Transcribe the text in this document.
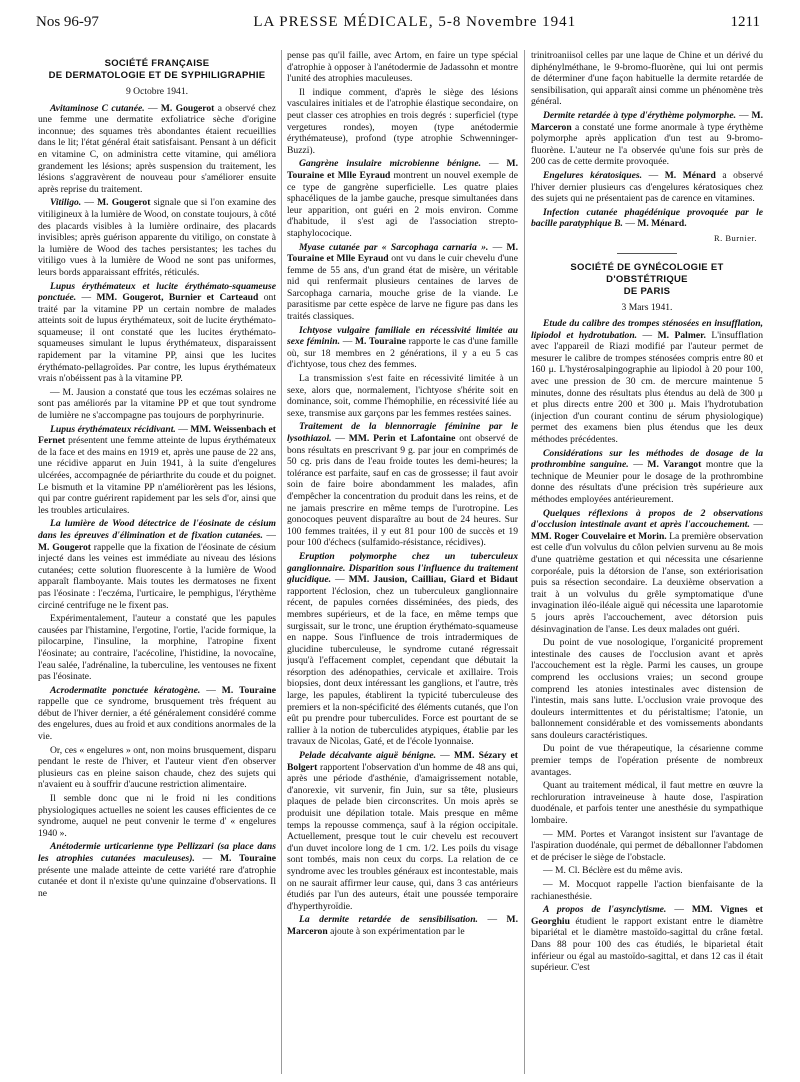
Nos 96-97	LA PRESSE MÉDICALE, 5-8 Novembre 1941	1211
SOCIÉTÉ FRANÇAISE
DE DERMATOLOGIE ET DE SYPHILIGRAPHIE
9 Octobre 1941.

Avitaminose C cutanée. — M. Gougerot a observé chez une femme une dermatite exfoliatrice sèche d'origine inconnue; des squames très abondantes étaient recueillies dans le lit; l'état général était satisfaisant. Pensant à un déficit en vitamine C, on administra cette vitamine, qui améliora grandement les lésions; après suspension du traitement, les lésions s'aggravèrent de nouveau pour s'améliorer ensuite après reprise du traitement.

Vitiligo. — M. Gougerot signale que si l'on examine des vitiligineux à la lumière de Wood, on constate toujours, à côté des placards visibles à la lumière ordinaire, des placards invisibles; après guérison apparente du vitiligo, on constate à la lumière de Wood des taches persistantes; les taches du vitiligo vues à la lumière de Wood ne sont pas uniformes, leurs bords apparaissant effrités, réticulés.

Lupus érythémateux et lucite érythémato-squameuse ponctuée. — MM. Gougerot, Burnier et Carteaud ont traité par la vitamine PP un certain nombre de malades atteints soit de lupus érythémateux, soit de lucite érythémato-squameuse; il ont constaté que les lucites érythémato-squameuses simulant le lupus érythémateux, disparaissent rapidement par la vitamine PP, ainsi que les lucites érythémato-pellagroïdes. Par contre, les lupus érythémateux vrais n'obéissent pas à la vitamine PP.

— M. Jausion a constaté que tous les eczémas solaires ne sont pas améliorés par la vitamine PP et que tout syndrome de lumière ne s'accompagne pas toujours de porphyrinurie.

Lupus érythémateux récidivant. — MM. Weissenbach et Fernet présentent une femme atteinte de lupus érythémateux de la face et des mains en 1919 et, après une pause de 22 ans, une récidive apparut en Juin 1941, à la suite d'engelures ulcérées, accompagnée de périarthrite du coude et du poignet. Le bismuth et la vitamine PP n'améliorèrent pas les lésions, qui par contre guérirent rapidement par les sels d'or, ainsi que les troubles articulaires.

La lumière de Wood détectrice de l'éosinate de césium dans les épreuves d'élimination et de fixation cutanées. — M. Gougerot rappelle que la fixation de l'éosinate de césium injecté dans les veines est immédiate au niveau des lésions cutanées; cette solution fluorescente à la lumière de Wood apparaît flamboyante. Mais toutes les dermatoses ne fixent pas l'éosinate : l'eczéma, l'urticaire, le pemphigus, l'érythème circiné centrifuge ne le fixent pas.

Expérimentalement, l'auteur a constaté que les papules causées par l'histamine, l'ergotine, l'ortie, l'acide formique, la pilocarpine, l'insuline, la morphine, l'atropine fixent l'éosinate; au contraire, l'acécoline, l'histidine, la novocaïne, l'eau salée, l'adrénaline, la tuberculine, les ventouses ne fixent pas l'éosinate.

Acrodermatite ponctuée kératogène. — M. Touraine rappelle que ce syndrome, brusquement très fréquent au début de l'hiver dernier, a été généralement considéré comme des engelures, dues au froid et aux conditions anormales de la vie.

Or, ces « engelures » ont, non moins brusquement, disparu pendant le reste de l'hiver, et l'auteur vient d'en observer plusieurs cas en pleine saison chaude, chez des sujets qui n'avaient eu à souffrir d'aucune restriction alimentaire.

Il semble donc que ni le froid ni les conditions physiologiques actuelles ne soient les causes efficientes de ce syndrome, auquel ne peut convenir le terme d' « engelures 1940 ».

Anétodermie urticarienne type Pellizzari (sa place dans les atrophies cutanées maculeuses). — M. Touraine présente une malade atteinte de cette variété rare d'atrophie cutanée et dont il n'existe qu'une quinzaine d'observations. Il ne

pense pas qu'il faille, avec Artom, en faire un type spécial d'atrophie à opposer à l'anétodermie de Jadassohn et montre l'unité des atrophies maculeuses.

Il indique comment, d'après le siège des lésions vasculaires initiales et de l'atrophie élastique secondaire, on peut classer ces atrophies en trois degrés : superficiel (type vergetures rondes), moyen (type anétodermie érythémateuse), profond (type atrophie Schwenninger-Buzzi).

Gangrène insulaire microbienne bénigne. — M. Touraine et Mlle Eyraud montrent un nouvel exemple de ce type de gangrène superficielle. Les quatre plaies sphacéliques de la jambe gauche, presque simultanées dans leur apparition, ont guéri en 2 mois environ. Comme d'habitude, il s'est agi de l'association strepto-staphylococique.

Myase cutanée par « Sarcophaga carnaria ». — M. Touraine et Mlle Eyraud ont vu dans le cuir chevelu d'une femme de 55 ans, d'un grand état de misère, un véritable nid qui renfermait plusieurs centaines de larves de Sarcophaga carnaria, mouche grise de la viande. Le parasitisme par cette espèce de larve ne figure pas dans les traités classiques.

Ichtyose vulgaire familiale en récessivité limitée au sexe féminin. — M. Touraine rapporte le cas d'une famille où, sur 18 membres en 2 générations, il y a eu 5 cas d'ichtyose, tous chez des femmes.

La transmission s'est faite en récessivité limitée à un sexe, alors que, normalement, l'ichtyose s'hérite soit en dominance, soit, comme l'hémophilie, en récessivité liée au sexe, transmise aux garçons par les femmes restées saines.

Traitement de la blennorragie féminine par le lysothiazol. — MM. Perin et Lafontaine ont observé de bons résultats en prescrivant 9 g. par jour en comprimés de 50 cg. pris dans de l'eau froide toutes les demi-heures; la tolérance est parfaite, sauf en cas de grossesse; il faut avoir soin de faire boire abondamment les malades, afin d'empêcher la concentration du produit dans les reins, et de ne jamais prescrire en même temps de l'urotropine. Les gonocoques peuvent disparaître au bout de 24 heures. Sur 100 femmes traitées, il y eut 81 pour 100 de succès et 19 pour 100 d'échecs (sulfamido-résistance, récidives).

Eruption polymorphe chez un tuberculeux ganglionnaire. Disparition sous l'influence du traitement glucidique. — MM. Jausion, Cailliau, Giard et Bidaut rapportent l'éclosion, chez un tuberculeux ganglionnaire récent, de papules cornées disséminées, des pieds, des membres supérieurs, et de la face, en même temps que surgissait, sur le tronc, une éruption érythémato-squameuse en nappe. Sous l'influence de trois intradermiques de glucidine tuberculeuse, le syndrome cutané régressait jusqu'à l'effacement complet, cependant que débutait la résorption des adénopathies, cervicale et axillaire. Trois biopsies, dont deux intéressant les ganglions, et l'autre, très large, les papules, établirent la typicité tuberculeuse des premiers et la non-spécificité des éléments cutanés, que l'on eût pu prendre pour tuberculides. Force est pourtant de se rallier à la notion de tuberculides atypiques, établie par les travaux de Nicolas, Gaté, et de l'école lyonnaise.

Pelade décalvante aiguë bénigne. — MM. Sézary et Bolgert rapportent l'observation d'un homme de 48 ans qui, après une période d'asthénie, d'amaigrissement notable, d'anorexie, vit survenir, fin Juin, sur sa tête, plusieurs plaques de pelade bien circonscrites. Un mois après se produisit une dépilation totale. Mais presque en même temps la repousse commença, sauf à la région occipitale. Actuellement, presque tout le cuir chevelu est recouvert d'un duvet incolore long de 1 cm. 1/2. Les poils du visage sont tombés, mais non ceux du corps. La relation de ce syndrome avec les troubles généraux est incontestable, mais on ne saurait affirmer leur cause, qui, dans 3 cas antérieurs étudiés par l'un des auteurs, était une poussée temporaire d'hyperthyroïdie.

La dermite retardée de sensibilisation. — M. Marceron ajoute à son expérimentation par le

trinitroaniisol celles par une laque de Chine et un dérivé du diphénylméthane, le 9-bromo-fluorène, qui lui ont permis de déterminer d'une façon habituelle la dermite retardée de sensibilisation, qui apparaît ainsi comme un phénomène très général.

Dermite retardée à type d'érythème polymorphe. — M. Marceron a constaté une forme anormale à type érythème polymorphe après application d'un test au 9-bromo-fluorène. L'auteur ne l'a observée qu'une fois sur près de 200 cas de cette dermite provoquée.

Engelures kératosiques. — M. Ménard a observé l'hiver dernier plusieurs cas d'engelures kératosiques chez des sujets qui ne présentaient pas de carence en vitamines.

Infection cutanée phagédénique provoquée par le bacille paratyphique B. — M. Ménard.

R. Burnier.
SOCIÉTÉ DE GYNÉCOLOGIE ET D'OBSTÉTRIQUE
DE PARIS
3 Mars 1941.

Etude du calibre des trompes sténosées en insufflation, lipiodol et hydrotubation. — M. Palmer. L'insufflation avec l'appareil de Riazi modifié par l'auteur permet de mesurer le calibre de trompes sténosées compris entre 80 et 160 μ. L'hystérosalpingographie au lipiodol à 20 pour 100, avec une pression de 30 cm. de mercure maintenue 5 minutes, donne des résultats plus étendus au delà de 300 μ et plus directs entre 200 et 300 μ. Mais l'hydrotubation (injection d'un courant continu de sérum physiologique) permet des examens bien plus étendus que les deux méthodes précédentes.

Considérations sur les méthodes de dosage de la prothrombine sanguine. — M. Varangot montre que la technique de Meunier pour le dosage de la prothrombine donne des résultats d'une précision très supérieure aux méthodes employées antérieurement.

Quelques réflexions à propos de 2 observations d'occlusion intestinale avant et après l'accouchement. — MM. Roger Couvelaire et Morin. La première observation est celle d'un volvulus du côlon pelvien survenu au 8e mois d'une quatrième gestation et qui nécessita une césarienne corporéale, puis la détorsion de l'anse, son extériorisation puis sa résection secondaire. La deuxième observation a trait à un volvulus du grêle symptomatique d'une invagination iléo-iléale aiguë qui nécessita une laparotomie 5 jours après l'accouchement, avec détorsion puis désinvagination de l'anse. Les deux malades ont guéri.

Du point de vue nosologique, l'organicité proprement intestinale des causes de l'occlusion avant et après l'accouchement est la règle. Parmi les causes, un groupe comprend les occlusions vraies; un second groupe comprend les atonies intestinales avec distension de l'intestin, mais sans lutte. L'occlusion vraie provoque des douleurs intermittentes et du péristaltisme; l'atonie, un ballonnement considérable et des vomissements abondants sans douleurs caractéristiques.

Du point de vue thérapeutique, la césarienne comme premier temps de l'opération présente de nombreux avantages.

Quant au traitement médical, il faut mettre en œuvre la rechloruration intraveineuse à haute dose, l'aspiration duodénale, et parfois tenter une anesthésie du sympathique lombaire.

— MM. Portes et Varangot insistent sur l'avantage de l'aspiration duodénale, qui permet de déballonner l'abdomen et de préciser le siège de l'obstacle.

— M. Cl. Béclère est du même avis.

— M. Mocquot rappelle l'action bienfaisante de la rachianesthésie.

A propos de l'asynclytisme. — MM. Vignes et Georghiu étudient le rapport existant entre le diamètre bipariétal et le diamètre mastoïdo-sagittal du crâne fœtal. Dans 88 pour 100 des cas étudiés, le biparietal était inférieur ou égal au mastoïdo-sagittal, et dans 12 cas il était supérieur. C'est
